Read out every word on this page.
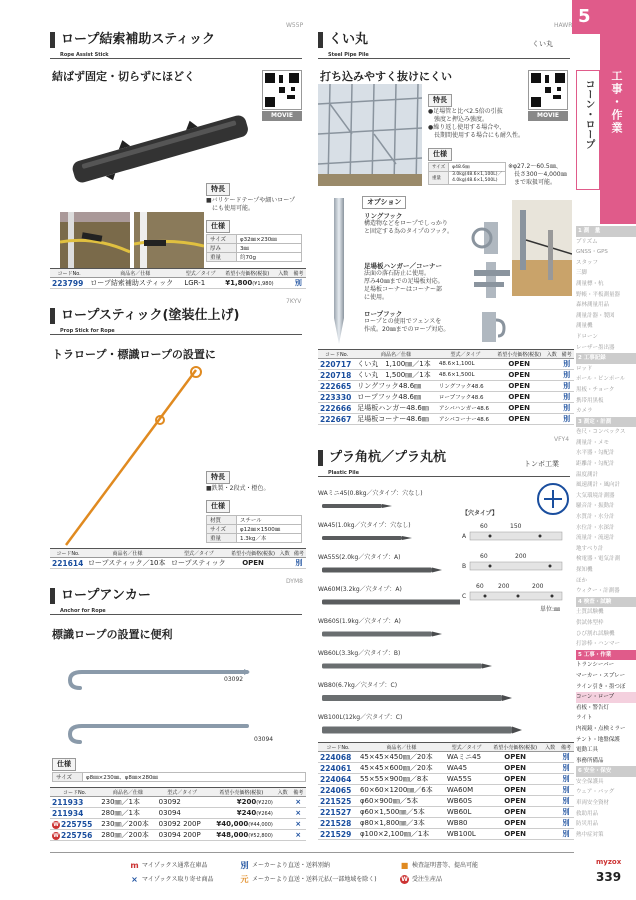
W55P
ロープ結索補助スティック
Rope Assist Stick
結ばず固定・切らずにほどく
MOVIE
特長
■バリケードテープや細いロープ
　にも使用可能。
仕様
サイズ	φ32㎜×230㎜
厚み	3㎜
重量	約70g
コードNo.	商品名／仕様	型式／タイプ	希望小売価格(税抜)	入数	備考
223799	ロープ結索補助スティック	LGR-1	¥1,800(¥1,980)		別
7KYV
ロープスティック(塗装仕上げ)
Prop Stick for Rope
トラロープ・標識ロープの設置に
特長
■鉄製・2段式・橙色。
仕様
材質	スチール
サイズ	φ12㎜×1500㎜
重量	1.3kg／本
コードNo.	商品名／仕様	型式／タイプ	希望小売価格(税抜)	入数	備考
221614	ロープスティック／10本	ロープスティック	OPEN		別
DYM8
ロープアンカー
Anchor for Rope
標識ロープの設置に便利
03092
03094
仕様
サイズ	φ8㎜×230㎜、φ8㎜×280㎜
コードNo.	商品名／仕様	型式／タイプ	希望小売価格(税抜)	入数	備考
211933	230㎜／1本	03092	¥200(¥220)		×
211934	280㎜／1本	03094	¥240(¥264)		×
W 225755	230㎜／200本	03092 200P	¥40,000(¥44,000)		×
W 225756	280㎜／200本	03094 200P	¥48,000(¥52,800)		×
HAWR
くい丸	くい丸
Steel Pipe Pile
打ち込みやすく抜けにくい
MOVIE
特長
●足場管と比べ2.5倍の引抜
　強度と押込み強度。
●繰り返し使用する場合や、
　長期間使用する場合にも耐久性。
仕様
サイズ	φ48.6㎜
重量	3.0kg(48.6×1,100L)／4.0kg(48.6×1,500L)
※φ27.2～60.5㎜、
　長さ300～4,000㎜
　まで取扱可能。
オプション
リングフック
構造物などをロープでしっかり
と固定する為のタイプのフック。
足場板ハンガー／コーナー
法面の落石防止に使用。
厚み40㎜までの足場板対応。
足場板コーナーはコーナー部
に使用。
ロープフック
ロープとの使用でフェンスを
作成。20㎜までのロープ対応。
コードNo.	商品名／仕様	型式／タイプ	希望小売価格(税抜)	入数	備考
220717	くい丸　1,100㎜／1本	48.6×1,100L	OPEN		別
220718	くい丸　1,500㎜／1本	48.6×1,500L	OPEN		別
222665	リングフック48.6㎜	リングフック48.6	OPEN		別
223330	ロープフック48.6㎜	ロープフック48.6	OPEN		別
222666	足場板ハンガー48.6㎜	アシバハンガー48.6	OPEN		別
222667	足場板コーナー48.6㎜	アシバコーナー48.6	OPEN		別
VFY4
プラ角杭／プラ丸杭	トンボ工業
Plastic Pile
WAミニ45(0.8kg／穴タイプ：穴なし)
WA45(1.0kg／穴タイプ：穴なし)
WA55S(2.0kg／穴タイプ：A)
WA60M(3.2kg／穴タイプ：A)
WB60S(1.9kg／穴タイプ：A)
WB60L(3.3kg／穴タイプ：B)
WB80(6.7kg／穴タイプ：C)
WB100L(12kg／穴タイプ：C)
【穴タイプ】
A
60	150
B
60	200
C
60 200	200
単位:㎜
コードNo.	商品名／仕様	型式／タイプ	希望小売価格(税抜)	入数	備考
224068	45×45×450㎜／20本	WAミニ45	OPEN		別
224061	45×45×600㎜／20本	WA45	OPEN		別
224064	55×55×900㎜／8本	WA55S	OPEN		別
224065	60×60×1200㎜／6本	WA60M	OPEN		別
221525	φ60×900㎜／5本	WB60S	OPEN		別
221527	φ60×1,500㎜／5本	WB60L	OPEN		別
221528	φ80×1,800㎜／3本	WB80	OPEN		別
221529	φ100×2,100㎜／1本	WB100L	OPEN		別
5
工事・作業
コーン・ロープ
1 測　量
プリズム
GNSS・GPS
スタッフ
三脚
測量標・杭
野帳・平板測量器
森林測量用品
測量計器・製図
測量機
ドローン
レーザー墨出器
2 工事記録
ロッド
ポール・ピンポール
黒板・チョーク
携帯用黒板
カメラ
3 測定・計測
巻尺・コンベックス
測量計・メモ
水平器・勾配計
距離計・勾配計
温度測計
風速測計・風向計
大気環境計測器
騒音計・振動計
水質計・水分計
水位計・水深計
流量計・流速計
地すべり計
検電器・電気計測
探知機
ほか
ウィクー・計測器
4 検査・試験
土質試験機
供試体型枠
ひび割れ試験機
打診棒・ハンマー
5 工事・作業
トランシーバー
マーカー・スプレー
ライン引き・墨つぼ
コーン・ロープ
看板・警告灯
ライト
内視鏡・点検ミラー
テント・地盤保護
電動工具
事務所備品
6 安全・保安
安全保護具
ウェア・バッグ
車両安全資材
救助用品
防災用品
熱中症対策
m マイゾックス通常在庫品	別 メーカーより直送・送料別納	■ 検査証明書等、提出可能
× マイゾックス取り寄せ商品	元 メーカーより直送・送料元払(一部地域を除く)	W 受注生産品
myzox
339
